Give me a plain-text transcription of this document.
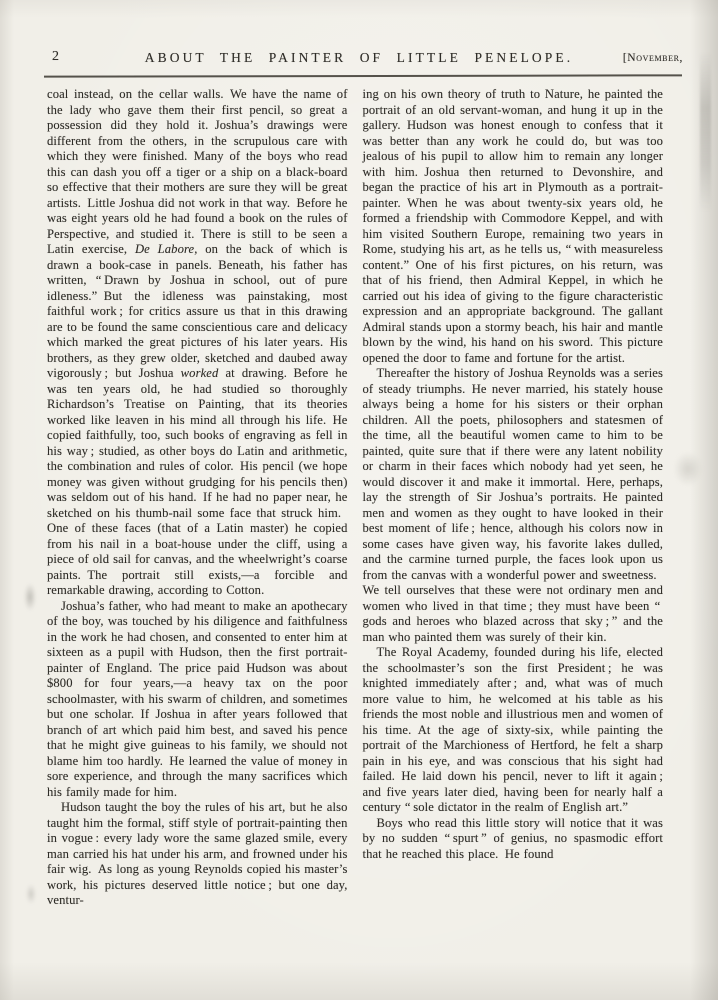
2	ABOUT THE PAINTER OF LITTLE PENELOPE.	[November,

coal instead, on the cellar walls. We have the name of the lady who gave them their first pencil, so great a possession did they hold it. Joshua’s drawings were different from the others, in the scrupulous care with which they were finished. Many of the boys who read this can dash you off a tiger or a ship on a black-board so effective that their mothers are sure they will be great artists. Little Joshua did not work in that way. Before he was eight years old he had found a book on the rules of Perspective, and studied it. There is still to be seen a Latin exercise, De Labore, on the back of which is drawn a book-case in panels. Beneath, his father has written, “ Drawn by Joshua in school, out of pure idleness.” But the idleness was painstaking, most faithful work ; for critics assure us that in this drawing are to be found the same conscientious care and delicacy which marked the great pictures of his later years. His brothers, as they grew older, sketched and daubed away vigorously ; but Joshua worked at drawing. Before he was ten years old, he had studied so thoroughly Richardson’s Treatise on Painting, that its theories worked like leaven in his mind all through his life. He copied faithfully, too, such books of engraving as fell in his way ; studied, as other boys do Latin and arithmetic, the combination and rules of color. His pencil (we hope money was given without grudging for his pencils then) was seldom out of his hand. If he had no paper near, he sketched on his thumb-nail some face that struck him. One of these faces (that of a Latin master) he copied from his nail in a boat-house under the cliff, using a piece of old sail for canvas, and the wheelwright’s coarse paints. The portrait still exists,—a forcible and remarkable drawing, according to Cotton.

Joshua’s father, who had meant to make an apothecary of the boy, was touched by his diligence and faithfulness in the work he had chosen, and consented to enter him at sixteen as a pupil with Hudson, then the first portrait-painter of England. The price paid Hudson was about $800 for four years,—a heavy tax on the poor schoolmaster, with his swarm of children, and sometimes but one scholar. If Joshua in after years followed that branch of art which paid him best, and saved his pence that he might give guineas to his family, we should not blame him too hardly. He learned the value of money in sore experience, and through the many sacrifices which his family made for him.

Hudson taught the boy the rules of his art, but he also taught him the formal, stiff style of portrait-painting then in vogue : every lady wore the same glazed smile, every man carried his hat under his arm, and frowned under his fair wig. As long as young Reynolds copied his master’s work, his pictures deserved little notice ; but one day, ventur-

ing on his own theory of truth to Nature, he painted the portrait of an old servant-woman, and hung it up in the gallery. Hudson was honest enough to confess that it was better than any work he could do, but was too jealous of his pupil to allow him to remain any longer with him. Joshua then returned to Devonshire, and began the practice of his art in Plymouth as a portrait-painter. When he was about twenty-six years old, he formed a friendship with Commodore Keppel, and with him visited Southern Europe, remaining two years in Rome, studying his art, as he tells us, “ with measureless content.” One of his first pictures, on his return, was that of his friend, then Admiral Keppel, in which he carried out his idea of giving to the figure characteristic expression and an appropriate background. The gallant Admiral stands upon a stormy beach, his hair and mantle blown by the wind, his hand on his sword. This picture opened the door to fame and fortune for the artist.

Thereafter the history of Joshua Reynolds was a series of steady triumphs. He never married, his stately house always being a home for his sisters or their orphan children. All the poets, philosophers and statesmen of the time, all the beautiful women came to him to be painted, quite sure that if there were any latent nobility or charm in their faces which nobody had yet seen, he would discover it and make it immortal. Here, perhaps, lay the strength of Sir Joshua’s portraits. He painted men and women as they ought to have looked in their best moment of life ; hence, although his colors now in some cases have given way, his favorite lakes dulled, and the carmine turned purple, the faces look upon us from the canvas with a wonderful power and sweetness. We tell ourselves that these were not ordinary men and women who lived in that time ; they must have been “ gods and heroes who blazed across that sky ; ” and the man who painted them was surely of their kin.

The Royal Academy, founded during his life, elected the schoolmaster’s son the first President ; he was knighted immediately after ; and, what was of much more value to him, he welcomed at his table as his friends the most noble and illustrious men and women of his time. At the age of sixty-six, while painting the portrait of the Marchioness of Hertford, he felt a sharp pain in his eye, and was conscious that his sight had failed. He laid down his pencil, never to lift it again ; and five years later died, having been for nearly half a century “ sole dictator in the realm of English art.”

Boys who read this little story will notice that it was by no sudden “ spurt ” of genius, no spasmodic effort that he reached this place. He found
